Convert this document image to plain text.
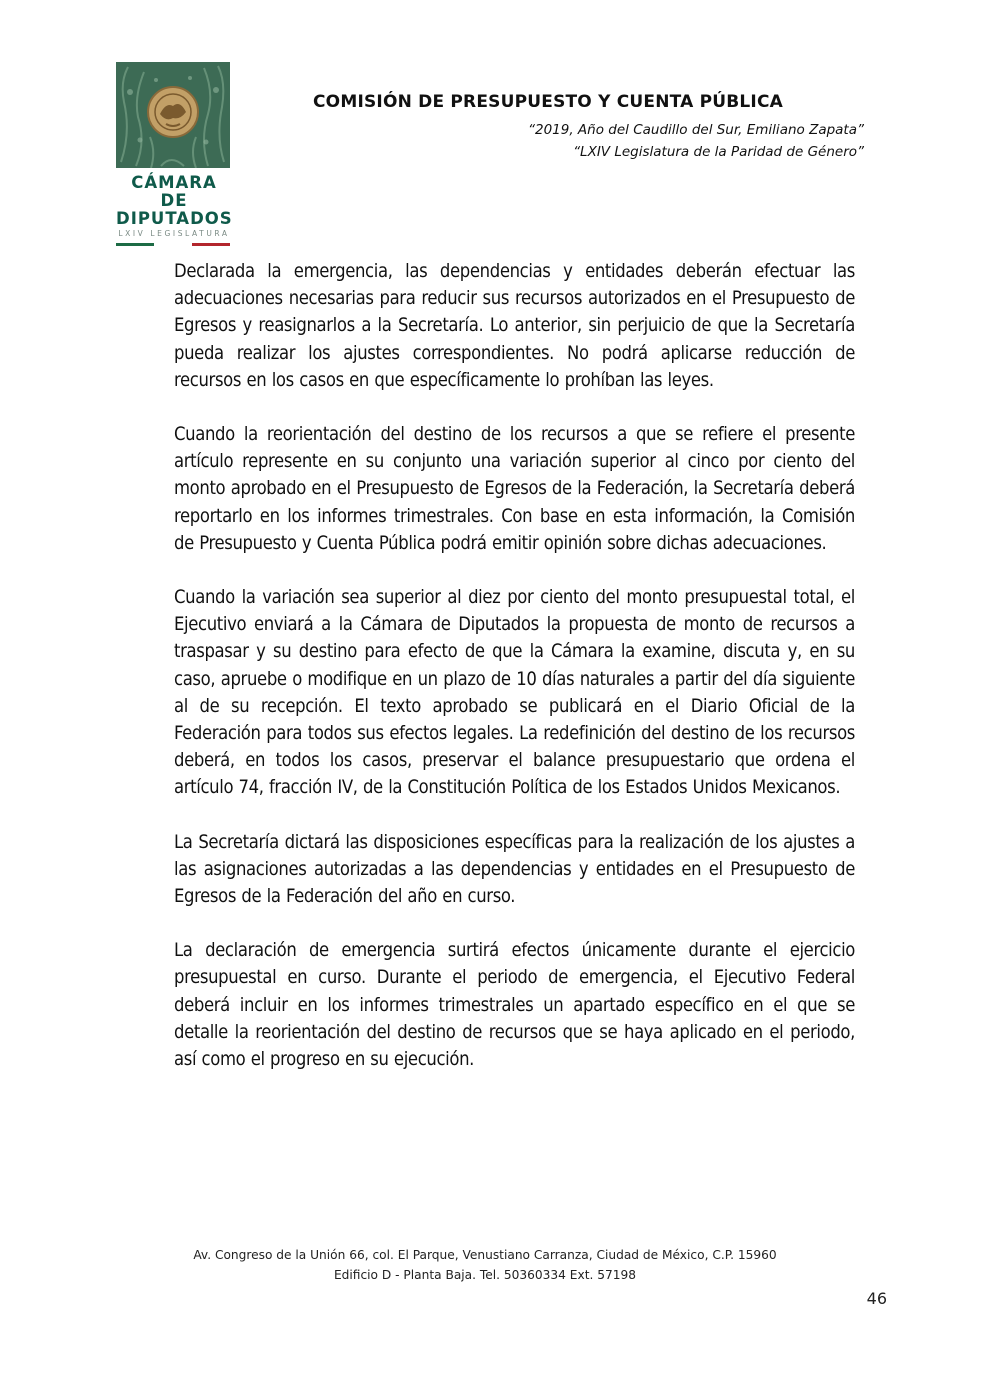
CÁMARA DE
DIPUTADOS
LXIV LEGISLATURA
COMISIÓN DE PRESUPUESTO Y CUENTA PÚBLICA
“2019, Año del Caudillo del Sur, Emiliano Zapata”
“LXIV Legislatura de la Paridad de Género”

Declarada la emergencia, las dependencias y entidades deberán efectuar las adecuaciones necesarias para reducir sus recursos autorizados en el Presupuesto de Egresos y reasignarlos a la Secretaría. Lo anterior, sin perjuicio de que la Secretaría pueda realizar los ajustes correspondientes. No podrá aplicarse reducción de recursos en los casos en que específicamente lo prohíban las leyes.

Cuando la reorientación del destino de los recursos a que se refiere el presente artículo represente en su conjunto una variación superior al cinco por ciento del monto aprobado en el Presupuesto de Egresos de la Federación, la Secretaría deberá reportarlo en los informes trimestrales. Con base en esta información, la Comisión de Presupuesto y Cuenta Pública podrá emitir opinión sobre dichas adecuaciones.

Cuando la variación sea superior al diez por ciento del monto presupuestal total, el Ejecutivo enviará a la Cámara de Diputados la propuesta de monto de recursos a traspasar y su destino para efecto de que la Cámara la examine, discuta y, en su caso, apruebe o modifique en un plazo de 10 días naturales a partir del día siguiente al de su recepción. El texto aprobado se publicará en el Diario Oficial de la Federación para todos sus efectos legales. La redefinición del destino de los recursos deberá, en todos los casos, preservar el balance presupuestario que ordena el artículo 74, fracción IV, de la Constitución Política de los Estados Unidos Mexicanos.

La Secretaría dictará las disposiciones específicas para la realización de los ajustes a las asignaciones autorizadas a las dependencias y entidades en el Presupuesto de Egresos de la Federación del año en curso.

La declaración de emergencia surtirá efectos únicamente durante el ejercicio presupuestal en curso. Durante el periodo de emergencia, el Ejecutivo Federal deberá incluir en los informes trimestrales un apartado específico en el que se detalle la reorientación del destino de recursos que se haya aplicado en el periodo, así como el progreso en su ejecución.

Av. Congreso de la Unión 66, col. El Parque, Venustiano Carranza, Ciudad de México, C.P. 15960
Edificio D - Planta Baja. Tel. 50360334 Ext. 57198
46
